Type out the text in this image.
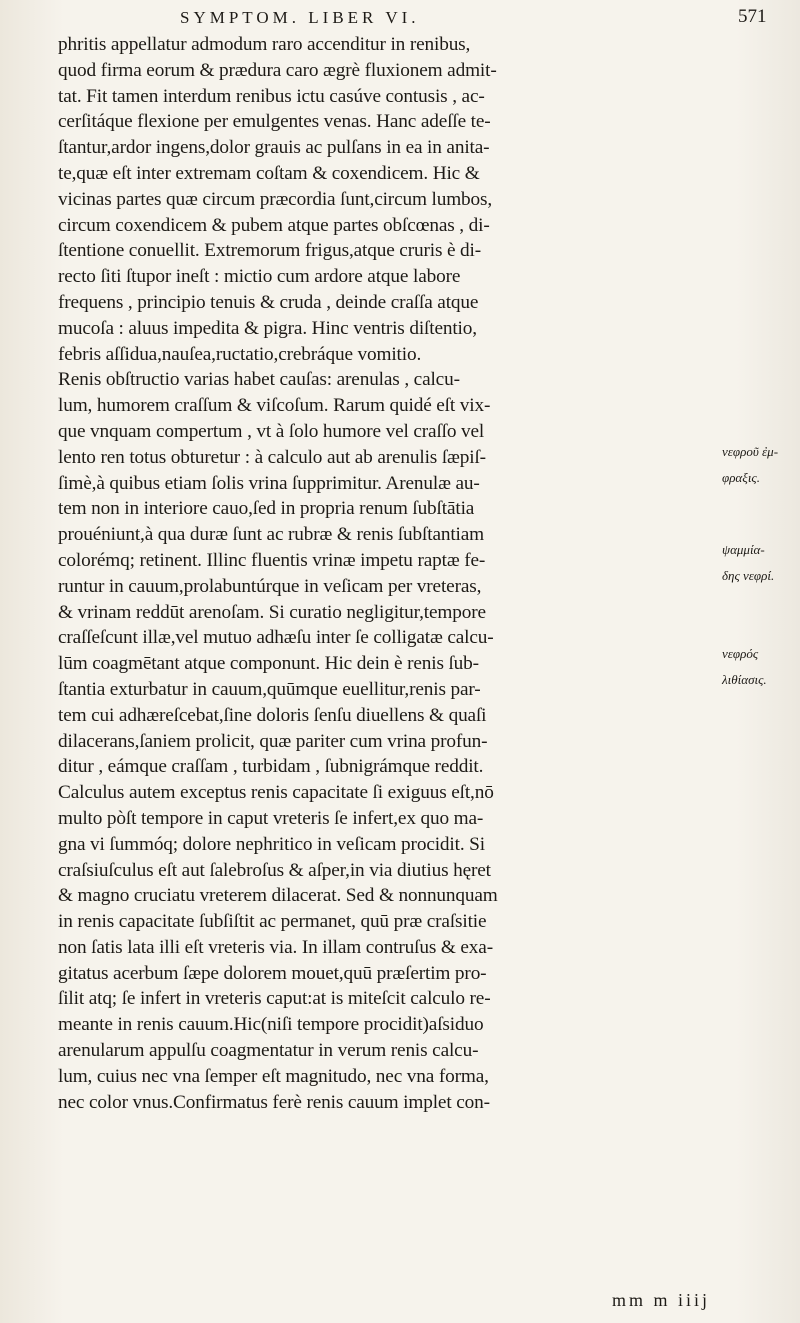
SYMPTOM. LIBER VI.	571
phritis appellatur admodum raro accenditur in renibus,
quod firma eorum & prædura caro ægrè fluxionem admit-
tat. Fit tamen interdum renibus ictu casúve contusis , ac-
cerſitáque flexione per emulgentes venas. Hanc adeſſe te-
ſtantur,ardor ingens,dolor grauis ac pulſans in ea in anita-
te,quæ eſt inter extremam coſtam & coxendicem. Hic &
vicinas partes quæ circum præcordia ſunt,circum lumbos,
circum coxendicem & pubem atque partes obſcœnas , di-
ſtentione conuellit. Extremorum frigus,atque cruris è di-
recto ſiti ſtupor ineſt : mictio cum ardore atque labore
frequens , principio tenuis & cruda , deinde craſſa atque
mucoſa : aluus impedita & pigra. Hinc ventris diſtentio,
febris aſſidua,nauſea,ructatio,crebráque vomitio.
Renis obſtructio varias habet cauſas: arenulas , calcu-
lum, humorem craſſum & viſcoſum. Rarum quidé eſt vix-
que vnquam compertum , vt à ſolo humore vel craſſo vel
lento ren totus obturetur : à calculo aut ab arenulis ſæpiſ-
ſimè,à quibus etiam ſolis vrina ſupprimitur. Arenulæ au-
tem non in interiore cauo,ſed in propria renum ſubſtātia
prouéniunt,à qua duræ ſunt ac rubræ & renis ſubſtantiam
colorémq; retinent. Illinc fluentis vrinæ impetu raptæ fe-
runtur in cauum,prolabuntúrque in veſicam per vreteras,
& vrinam reddūt arenoſam. Si curatio negligitur,tempore
craſſeſcunt illæ,vel mutuo adhæſu inter ſe colligatæ calcu-
lūm coagmētant atque componunt. Hic dein è renis ſub-
ſtantia exturbatur in cauum,quūmque euellitur,renis par-
tem cui adhæreſcebat,ſine doloris ſenſu diuellens & quaſi
dilacerans,ſaniem prolicit, quæ pariter cum vrina profun-
ditur , eámque craſſam , turbidam , ſubnigrámque reddit.
Calculus autem exceptus renis capacitate ſi exiguus eſt,nō
multo pòſt tempore in caput vreteris ſe infert,ex quo ma-
gna vi ſummóq; dolore nephritico in veſicam procidit. Si
craſsiuſculus eſt aut ſalebroſus & aſper,in via diutius hęret
& magno cruciatu vreterem dilacerat. Sed & nonnunquam
in renis capacitate ſubſiſtit ac permanet, quū præ craſsitie
non ſatis lata illi eſt vreteris via. In illam contruſus & exa-
gitatus acerbum ſæpe dolorem mouet,quū præſertim pro-
ſilit atq; ſe infert in vreteris caput:at is miteſcit calculo re-
meante in renis cauum.Hic(niſi tempore procidit)aſsiduo
arenularum appulſu coagmentatur in verum renis calcu-
lum, cuius nec vna ſemper eſt magnitudo, nec vna forma,
nec color vnus.Confirmatus ferè renis cauum implet con-
νεφροῦ ἐμ-
φραξις.
ψαμμία-
δης νεφρί.
νεφρός
λιθίασις.
mm m iiij
